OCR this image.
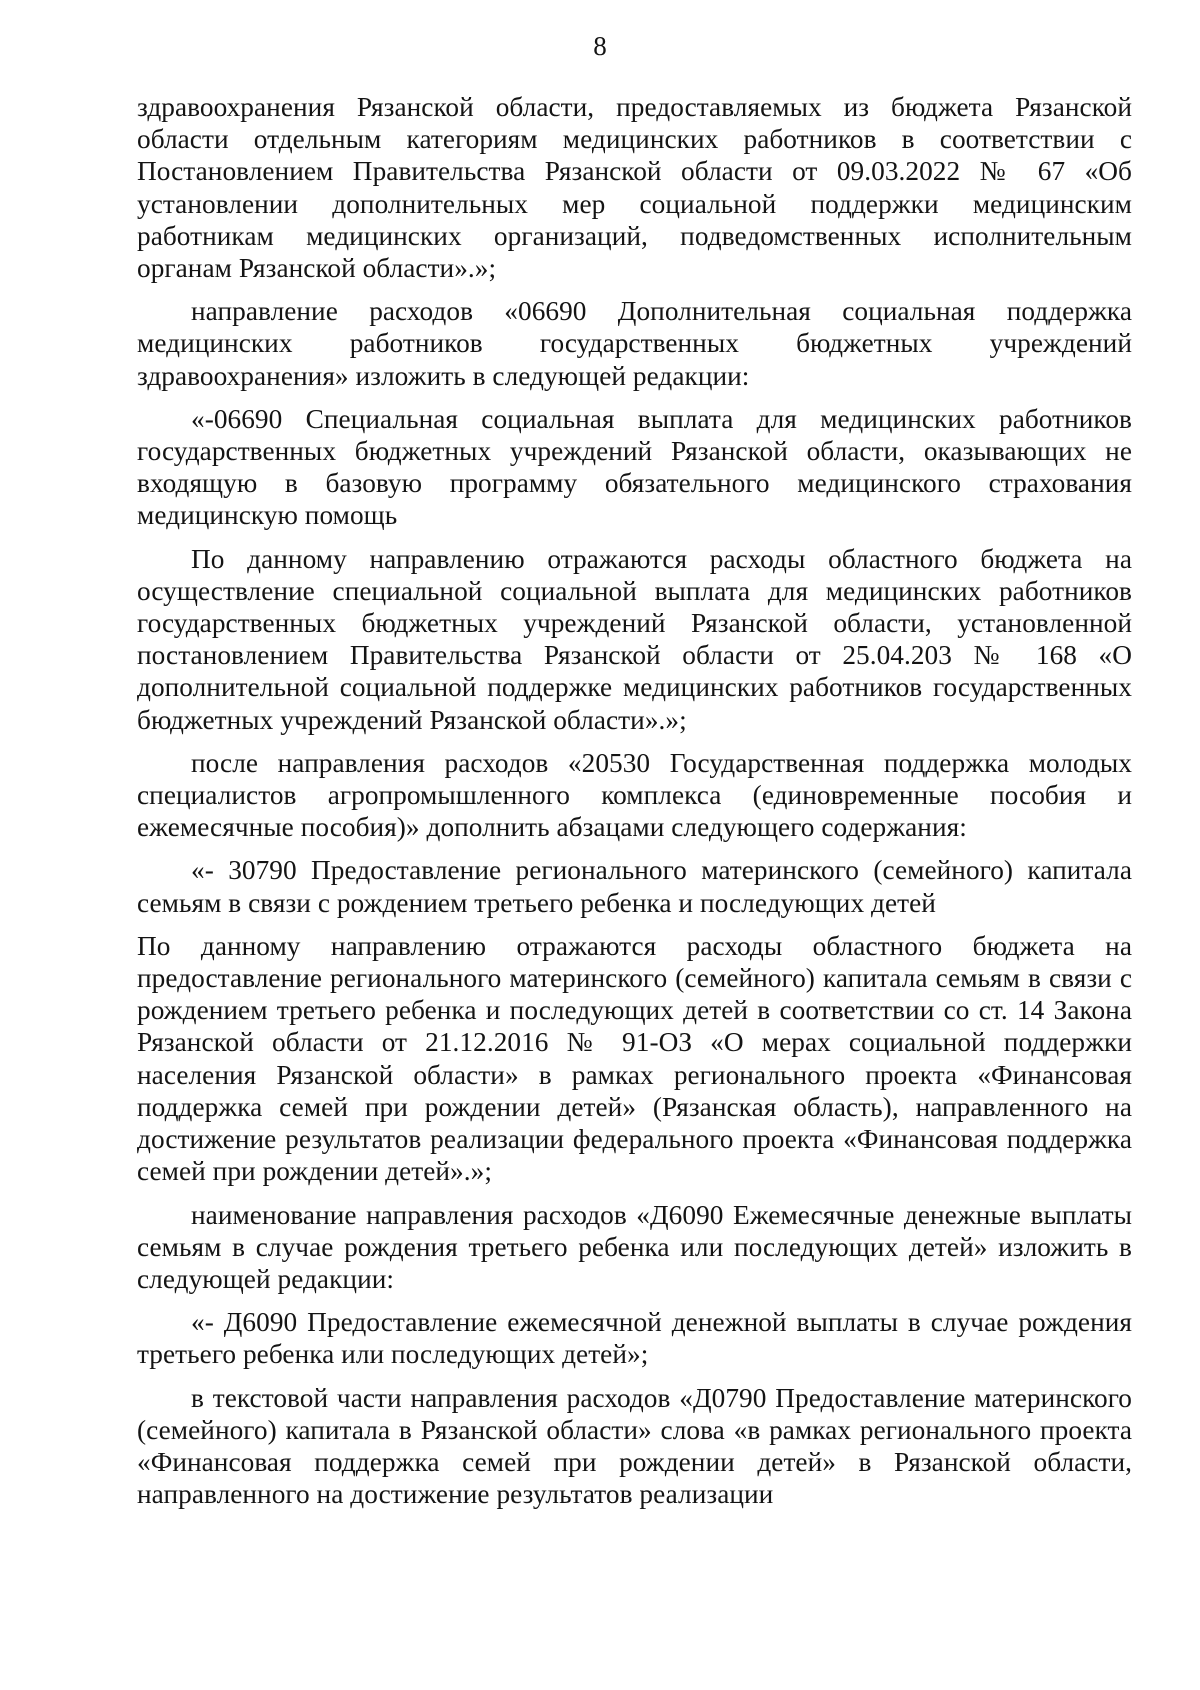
8

здравоохранения Рязанской области, предоставляемых из бюджета Рязанской области отдельным категориям медицинских работников в соответствии с Постановлением Правительства Рязанской области от 09.03.2022 № 67 «Об установлении дополнительных мер социальной поддержки медицинским работникам медицинских организаций, подведомственных исполнительным органам Рязанской области».»;

направление расходов «06690 Дополнительная социальная поддержка медицинских работников государственных бюджетных учреждений здравоохранения» изложить в следующей редакции:

«-06690 Специальная социальная выплата для медицинских работников государственных бюджетных учреждений Рязанской области, оказывающих не входящую в базовую программу обязательного медицинского страхования медицинскую помощь

По данному направлению отражаются расходы областного бюджета на осуществление специальной социальной выплата для медицинских работников государственных бюджетных учреждений Рязанской области, установленной постановлением Правительства Рязанской области от 25.04.203 № 168 «О дополнительной социальной поддержке медицинских работников государственных бюджетных учреждений Рязанской области».»;

после направления расходов «20530 Государственная поддержка молодых специалистов агропромышленного комплекса (единовременные пособия и ежемесячные пособия)» дополнить абзацами следующего содержания:

«- 30790 Предоставление регионального материнского (семейного) капитала семьям в связи с рождением третьего ребенка и последующих детей

По данному направлению отражаются расходы областного бюджета на предоставление регионального материнского (семейного) капитала семьям в связи с рождением третьего ребенка и последующих детей в соответствии со ст. 14 Закона Рязанской области от 21.12.2016 № 91-ОЗ «О мерах социальной поддержки населения Рязанской области» в рамках регионального проекта «Финансовая поддержка семей при рождении детей» (Рязанская область), направленного на достижение результатов реализации федерального проекта «Финансовая поддержка семей при рождении детей».»;

наименование направления расходов «Д6090 Ежемесячные денежные выплаты семьям в случае рождения третьего ребенка или последующих детей» изложить в следующей редакции:

«- Д6090 Предоставление ежемесячной денежной выплаты в случае рождения третьего ребенка или последующих детей»;

в текстовой части направления расходов «Д0790 Предоставление материнского (семейного) капитала в Рязанской области» слова «в рамках регионального проекта «Финансовая поддержка семей при рождении детей» в Рязанской области, направленного на достижение результатов реализации
